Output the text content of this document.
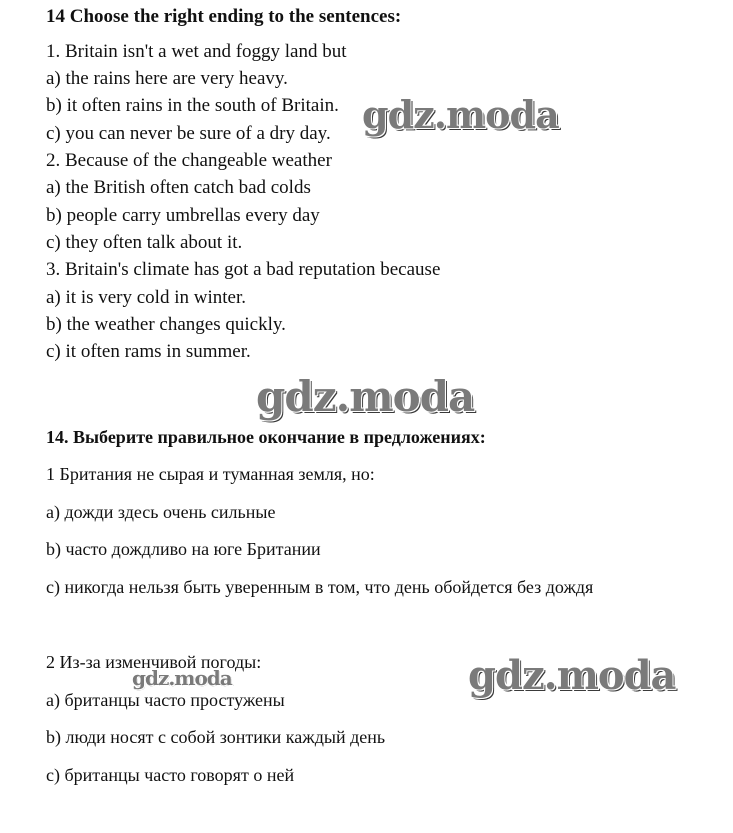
14 Choose the right ending to the sentences:
1. Britain isn't a wet and foggy land but
a) the rains here are very heavy.
b) it often rains in the south of Britain.
c) you can never be sure of a dry day.
2. Because of the changeable weather
a) the British often catch bad colds
b) people carry umbrellas every day
c) they often talk about it.
3. Britain's climate has got a bad reputation because
a) it is very cold in winter.
b) the weather changes quickly.
c) it often rams in summer.
14. Выберите правильное окончание в предложениях:
1 Британия не сырая и туманная земля, но:
а) дожди здесь очень сильные
b) часто дождливо на юге Британии
c) никогда нельзя быть уверенным в том, что день обойдется без дождя
2 Из-за изменчивой погоды:
а) британцы часто простужены
b) люди носят с собой зонтики каждый день
c) британцы часто говорят о ней
gdz.moda
gdz.moda
gdz.moda
gdz.moda
